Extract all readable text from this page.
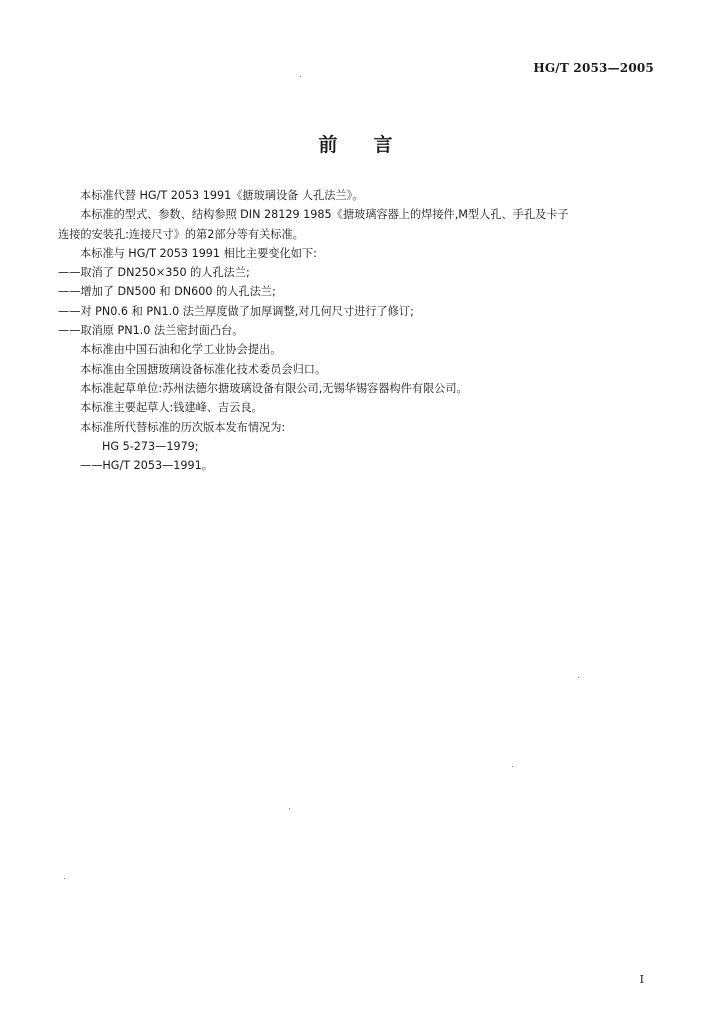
HG/T 2053—2005
前言
本标准代替 HG/T 2053 1991《搪玻璃设备 人孔法兰》。
本标准的型式、参数、结构参照 DIN 28129 1985《搪玻璃容器上的焊接件,M型人孔、手孔及卡子
连接的安装孔:连接尺寸》的第2部分等有关标准。
本标准与 HG/T 2053 1991 相比主要变化如下:
——取消了 DN250×350 的人孔法兰;
——增加了 DN500 和 DN600 的人孔法兰;
——对 PN0.6 和 PN1.0 法兰厚度做了加厚调整,对几何尺寸进行了修订;
——取消原 PN1.0 法兰密封面凸台。
本标准由中国石油和化学工业协会提出。
本标准由全国搪玻璃设备标准化技术委员会归口。
本标准起草单位:苏州法德尔搪玻璃设备有限公司,无锡华锡容器构件有限公司。
本标准主要起草人:钱建峰、吉云良。
本标准所代替标准的历次版本发布情况为:
HG 5-273—1979;
——HG/T 2053—1991。
I
